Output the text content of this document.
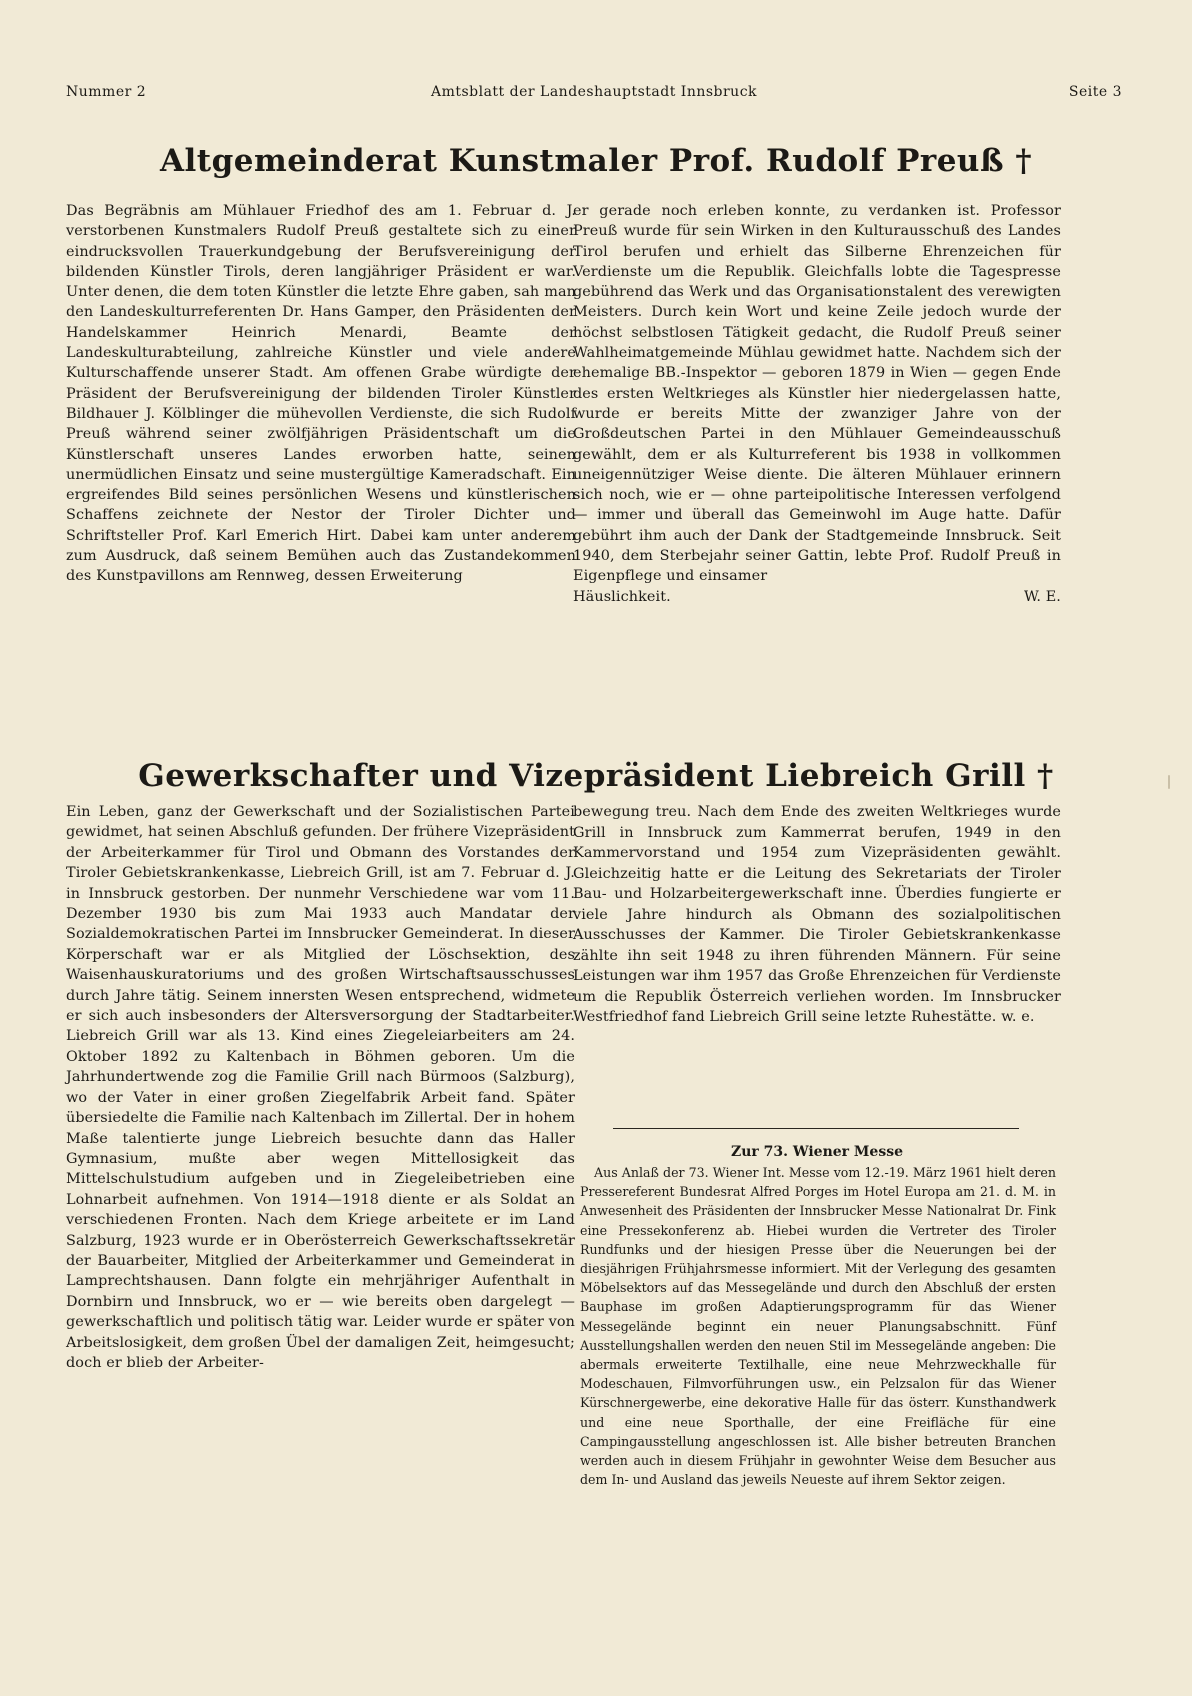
Nummer 2	Amtsblatt der Landeshauptstadt Innsbruck	Seite 3
Altgemeinderat Kunstmaler Prof. Rudolf Preuß †

Das Begräbnis am Mühlauer Friedhof des am 1. Februar d. J. verstorbenen Kunstmalers Rudolf Preuß gestaltete sich zu einer eindrucksvollen Trauerkundgebung der Berufsvereinigung der bildenden Künstler Tirols, deren langjähriger Präsident er war. Unter denen, die dem toten Künstler die letzte Ehre gaben, sah man den Landeskulturreferenten Dr. Hans Gamper, den Präsidenten der Handelskammer Heinrich Menardi, Beamte der Landeskulturabteilung, zahlreiche Künstler und viele andere Kulturschaffende unserer Stadt. Am offenen Grabe würdigte der Präsident der Berufsvereinigung der bildenden Tiroler Künstler Bildhauer J. Kölblinger die mühevollen Verdienste, die sich Rudolf Preuß während seiner zwölfjährigen Präsidentschaft um die Künstlerschaft unseres Landes erworben hatte, seinen unermüdlichen Einsatz und seine mustergültige Kameradschaft. Ein ergreifendes Bild seines persönlichen Wesens und künstlerischen Schaffens zeichnete der Nestor der Tiroler Dichter und Schriftsteller Prof. Karl Emerich Hirt. Dabei kam unter anderem zum Ausdruck, daß seinem Bemühen auch das Zustandekommen des Kunstpavillons am Rennweg, dessen Erweiterung

er gerade noch erleben konnte, zu verdanken ist. Professor Preuß wurde für sein Wirken in den Kulturausschuß des Landes Tirol berufen und erhielt das Silberne Ehrenzeichen für Verdienste um die Republik. Gleichfalls lobte die Tagespresse gebührend das Werk und das Organisationstalent des verewigten Meisters. Durch kein Wort und keine Zeile jedoch wurde der höchst selbstlosen Tätigkeit gedacht, die Rudolf Preuß seiner Wahlheimatgemeinde Mühlau gewidmet hatte. Nachdem sich der ehemalige BB.-Inspektor — geboren 1879 in Wien — gegen Ende des ersten Weltkrieges als Künstler hier niedergelassen hatte, wurde er bereits Mitte der zwanziger Jahre von der Großdeutschen Partei in den Mühlauer Gemeindeausschuß gewählt, dem er als Kulturreferent bis 1938 in vollkommen uneigennütziger Weise diente. Die älteren Mühlauer erinnern sich noch, wie er — ohne parteipolitische Interessen verfolgend — immer und überall das Gemeinwohl im Auge hatte. Dafür gebührt ihm auch der Dank der Stadtgemeinde Innsbruck. Seit 1940, dem Sterbejahr seiner Gattin, lebte Prof. Rudolf Preuß in Eigenpflege und einsamer

Häuslichkeit.	W. E.
Gewerkschafter und Vizepräsident Liebreich Grill †

Ein Leben, ganz der Gewerkschaft und der Sozialistischen Partei gewidmet, hat seinen Abschluß gefunden. Der frühere Vizepräsident der Arbeiterkammer für Tirol und Obmann des Vorstandes der Tiroler Gebietskrankenkasse, Liebreich Grill, ist am 7. Februar d. J. in Innsbruck gestorben. Der nunmehr Verschiedene war vom 11. Dezember 1930 bis zum Mai 1933 auch Mandatar der Sozialdemokratischen Partei im Innsbrucker Gemeinderat. In dieser Körperschaft war er als Mitglied der Löschsektion, des Waisenhauskuratoriums und des großen Wirtschaftsausschusses durch Jahre tätig. Seinem innersten Wesen entsprechend, widmete er sich auch insbesonders der Altersversorgung der Stadtarbeiter. Liebreich Grill war als 13. Kind eines Ziegeleiarbeiters am 24. Oktober 1892 zu Kaltenbach in Böhmen geboren. Um die Jahrhundertwende zog die Familie Grill nach Bürmoos (Salzburg), wo der Vater in einer großen Ziegelfabrik Arbeit fand. Später übersiedelte die Familie nach Kaltenbach im Zillertal. Der in hohem Maße talentierte junge Liebreich besuchte dann das Haller Gymnasium, mußte aber wegen Mittellosigkeit das Mittelschulstudium aufgeben und in Ziegeleibetrieben eine Lohnarbeit aufnehmen. Von 1914—1918 diente er als Soldat an verschiedenen Fronten. Nach dem Kriege arbeitete er im Land Salzburg, 1923 wurde er in Oberösterreich Gewerkschaftssekretär der Bauarbeiter, Mitglied der Arbeiterkammer und Gemeinderat in Lamprechtshausen. Dann folgte ein mehrjähriger Aufenthalt in Dornbirn und Innsbruck, wo er — wie bereits oben dargelegt — gewerkschaftlich und politisch tätig war. Leider wurde er später von Arbeitslosigkeit, dem großen Übel der damaligen Zeit, heimgesucht; doch er blieb der Arbeiter-

bewegung treu. Nach dem Ende des zweiten Weltkrieges wurde Grill in Innsbruck zum Kammerrat berufen, 1949 in den Kammervorstand und 1954 zum Vizepräsidenten gewählt. Gleichzeitig hatte er die Leitung des Sekretariats der Tiroler Bau- und Holzarbeitergewerkschaft inne. Überdies fungierte er viele Jahre hindurch als Obmann des sozialpolitischen Ausschusses der Kammer. Die Tiroler Gebietskrankenkasse zählte ihn seit 1948 zu ihren führenden Männern. Für seine Leistungen war ihm 1957 das Große Ehrenzeichen für Verdienste um die Republik Österreich verliehen worden. Im Innsbrucker Westfriedhof fand Liebreich Grill seine letzte Ruhestätte. w. e.

Zur 73. Wiener Messe

Aus Anlaß der 73. Wiener Int. Messe vom 12.-19. März 1961 hielt deren Pressereferent Bundesrat Alfred Porges im Hotel Europa am 21. d. M. in Anwesenheit des Präsidenten der Innsbrucker Messe Nationalrat Dr. Fink eine Pressekonferenz ab. Hiebei wurden die Vertreter des Tiroler Rundfunks und der hiesigen Presse über die Neuerungen bei der diesjährigen Frühjahrsmesse informiert. Mit der Verlegung des gesamten Möbelsektors auf das Messegelände und durch den Abschluß der ersten Bauphase im großen Adaptierungsprogramm für das Wiener Messegelände beginnt ein neuer Planungsabschnitt. Fünf Ausstellungshallen werden den neuen Stil im Messegelände angeben: Die abermals erweiterte Textilhalle, eine neue Mehrzweckhalle für Modeschauen, Filmvorführungen usw., ein Pelzsalon für das Wiener Kürschnergewerbe, eine dekorative Halle für das österr. Kunsthandwerk und eine neue Sporthalle, der eine Freifläche für eine Campingausstellung angeschlossen ist. Alle bisher betreuten Branchen werden auch in diesem Frühjahr in gewohnter Weise dem Besucher aus dem In- und Ausland das jeweils Neueste auf ihrem Sektor zeigen.
